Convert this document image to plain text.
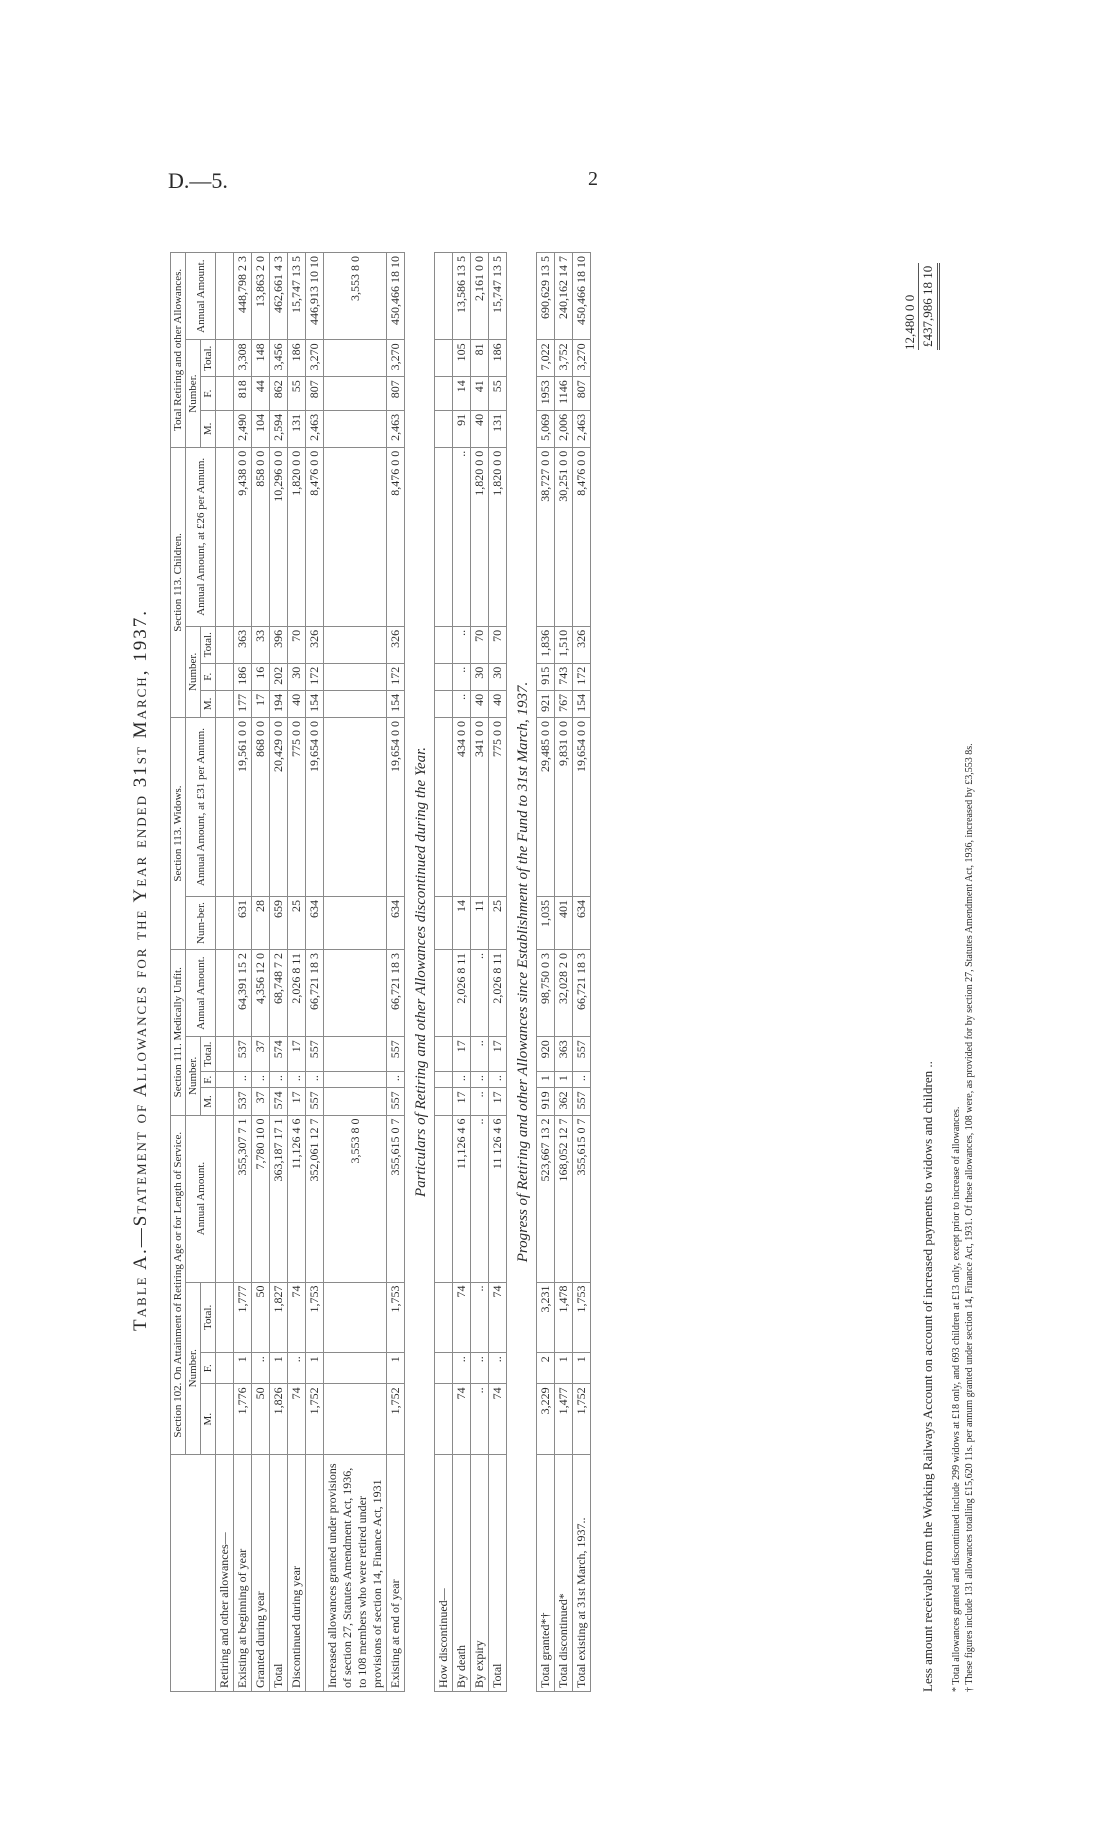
D.—5.	2
Table A.—Statement of Allowances for the Year ended 31st March, 1937.
	Section 102. On Attainment of Retiring Age or for Length of Service.				Section 111. Medically Unfit.				Section 113. Widows.		Section 113. Children.				Total Retiring and other Allowances.			
	Number.			Annual Amount.	Number.			Annual Amount.	Num-ber.	Annual Amount, at £31 per Annum.	Number.			Annual Amount, at £26 per Annum.	Number.			Annual Amount.
	M.	F.	Total.		M.	F.	Total.				M.	F.	Total.		M.	F.	Total.	
Retiring and other allowances—																		
Existing at beginning of year	1,776	1	1,777	355,307 7 1	537	..	537	64,391 15 2	631	19,561 0 0	177	186	363	9,438 0 0	2,490	818	3,308	448,798 2 3
Granted during year	50	..	50	7,780 10 0	37	..	37	4,356 12 0	28	868 0 0	17	16	33	858 0 0	104	44	148	13,863 2 0
Total	1,826	1	1,827	363,187 17 1	574	..	574	68,748 7 2	659	20,429 0 0	194	202	396	10,296 0 0	2,594	862	3,456	462,661 4 3
Discontinued during year	74	..	74	11,126 4 6	17	..	17	2,026 8 11	25	775 0 0	40	30	70	1,820 0 0	131	55	186	15,747 13 5
	1,752	1	1,753	352,061 12 7	557	..	557	66,721 18 3	634	19,654 0 0	154	172	326	8,476 0 0	2,463	807	3,270	446,913 10 10
Increased allowances granted under provisions of section 27, Statutes Amendment Act, 1936, to 108 members who were retired under provisions of section 14, Finance Act, 1931				3,553 8 0														3,553 8 0
Existing at end of year	1,752	1	1,753	355,615 0 7	557	..	557	66,721 18 3	634	19,654 0 0	154	172	326	8,476 0 0	2,463	807	3,270	450,466 18 10
Particulars of Retiring and other Allowances discontinued during the Year.																		
How discontinued—																		
By death	74	..	74	11,126 4 6	17	..	17	2,026 8 11	14	434 0 0	..	..	..	..	91	14	105	13,586 13 5
By expiry	..	..	..	..	..	..	..	..	11	341 0 0	40	30	70	1,820 0 0	40	41	81	2,161 0 0
Total	74	..	74	11 126 4 6	17	..	17	2,026 8 11	25	775 0 0	40	30	70	1,820 0 0	131	55	186	15,747 13 5
Progress of Retiring and other Allowances since Establishment of the Fund to 31st March, 1937.																		
Total granted*†	3,229	2	3,231	523,667 13 2	919	1	920	98,750 0 3	1,035	29,485 0 0	921	915	1,836	38,727 0 0	5,069	1953	7,022	690,629 13 5
Total discontinued*	1,477	1	1,478	168,052 12 7	362	1	363	32,028 2 0	401	9,831 0 0	767	743	1,510	30,251 0 0	2,006	1146	3,752	240,162 14 7
Total existing at 31st March, 1937..	1,752	1	1,753	355,615 0 7	557	..	557	66,721 18 3	634	19,654 0 0	154	172	326	8,476 0 0	2,463	807	3,270	450,466 18 10
Less amount receivable from the Working Railways Account on account of increased payments to widows and children ..
12,480 0 0 £437,986 18 10
* Total allowances granted and discontinued include 299 widows at £18 only, and 693 children at £13 only, except prior to increase of allowances. † These figures include 131 allowances totalling £15,620 11s. per annum granted under section 14, Finance Act, 1931. Of these allowances, 108 were, as provided for by section 27, Statutes Amendment Act, 1936, increased by £3,553 8s.
